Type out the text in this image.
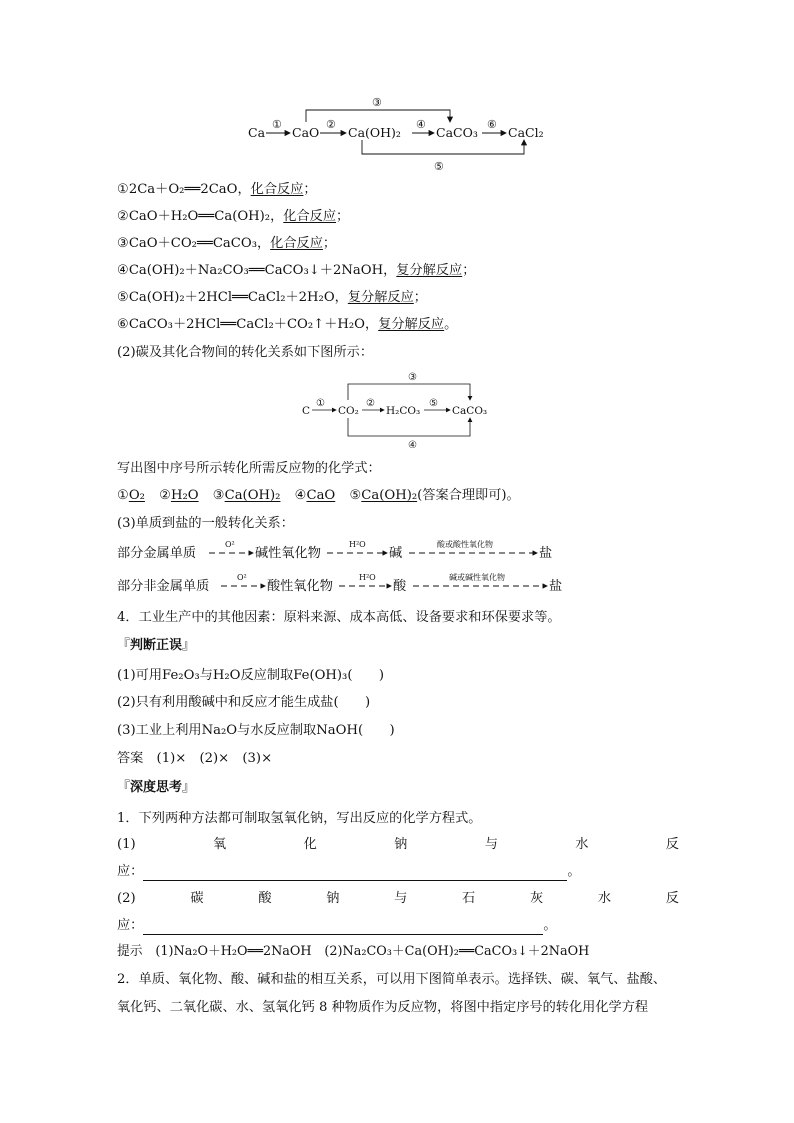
Ca CaO Ca(OH)₂	CaCO₃ CaCl₂
①	②	④	⑥
③
⑤
①2Ca＋O₂══2CaO，化合反应；
②CaO＋H₂O══Ca(OH)₂，化合反应；
③CaO＋CO₂══CaCO₃，化合反应；
④Ca(OH)₂＋Na₂CO₃══CaCO₃↓＋2NaOH，复分解反应；
⑤Ca(OH)₂＋2HCl══CaCl₂＋2H₂O，复分解反应；
⑥CaCO₃＋2HCl══CaCl₂＋CO₂↑＋H₂O，复分解反应。
(2)碳及其化合物间的转化关系如下图所示：
C	CO₂	H₂CO₃	CaCO₃
①	②	⑤
③
④
写出图中序号所示转化所需反应物的化学式：
①O₂ ②H₂O ③Ca(OH)₂ ④CaO ⑤Ca(OH)₂(答案合理即可)。
(3)单质到盐的一般转化关系：
部分金属单质
O²
碱性氧化物
H²O
碱
酸或酸性氧化物
盐
部分非金属单质
O²
酸性氧化物
H²O
酸
碱或碱性氧化物
盐
4．工业生产中的其他因素：原料来源、成本高低、设备要求和环保要求等。
『 判断正误 』
(1)可用Fe₂O₃与H₂O反应制取Fe(OH)₃(　　)
(2)只有利用酸碱中和反应才能生成盐(　　)
(3)工业上利用Na₂O与水反应制取NaOH(　　)
答案　(1)×　(2)×　(3)×
『 深度思考 』
1．下列两种方法都可制取氢氧化钠，写出反应的化学方程式。
(1)	氧	化	钠	与	水	反
应：	。
(2)	碳	酸	钠	与	石	灰	水	反
应：	。
提示　(1)Na₂O＋H₂O══2NaOH　(2)Na₂CO₃＋Ca(OH)₂══CaCO₃↓＋2NaOH
2．单质、氧化物、酸、碱和盐的相互关系，可以用下图简单表示。选择铁、碳、氧气、盐酸、
氧化钙、二氧化碳、水、氢氧化钙 8 种物质作为反应物，将图中指定序号的转化用化学方程
